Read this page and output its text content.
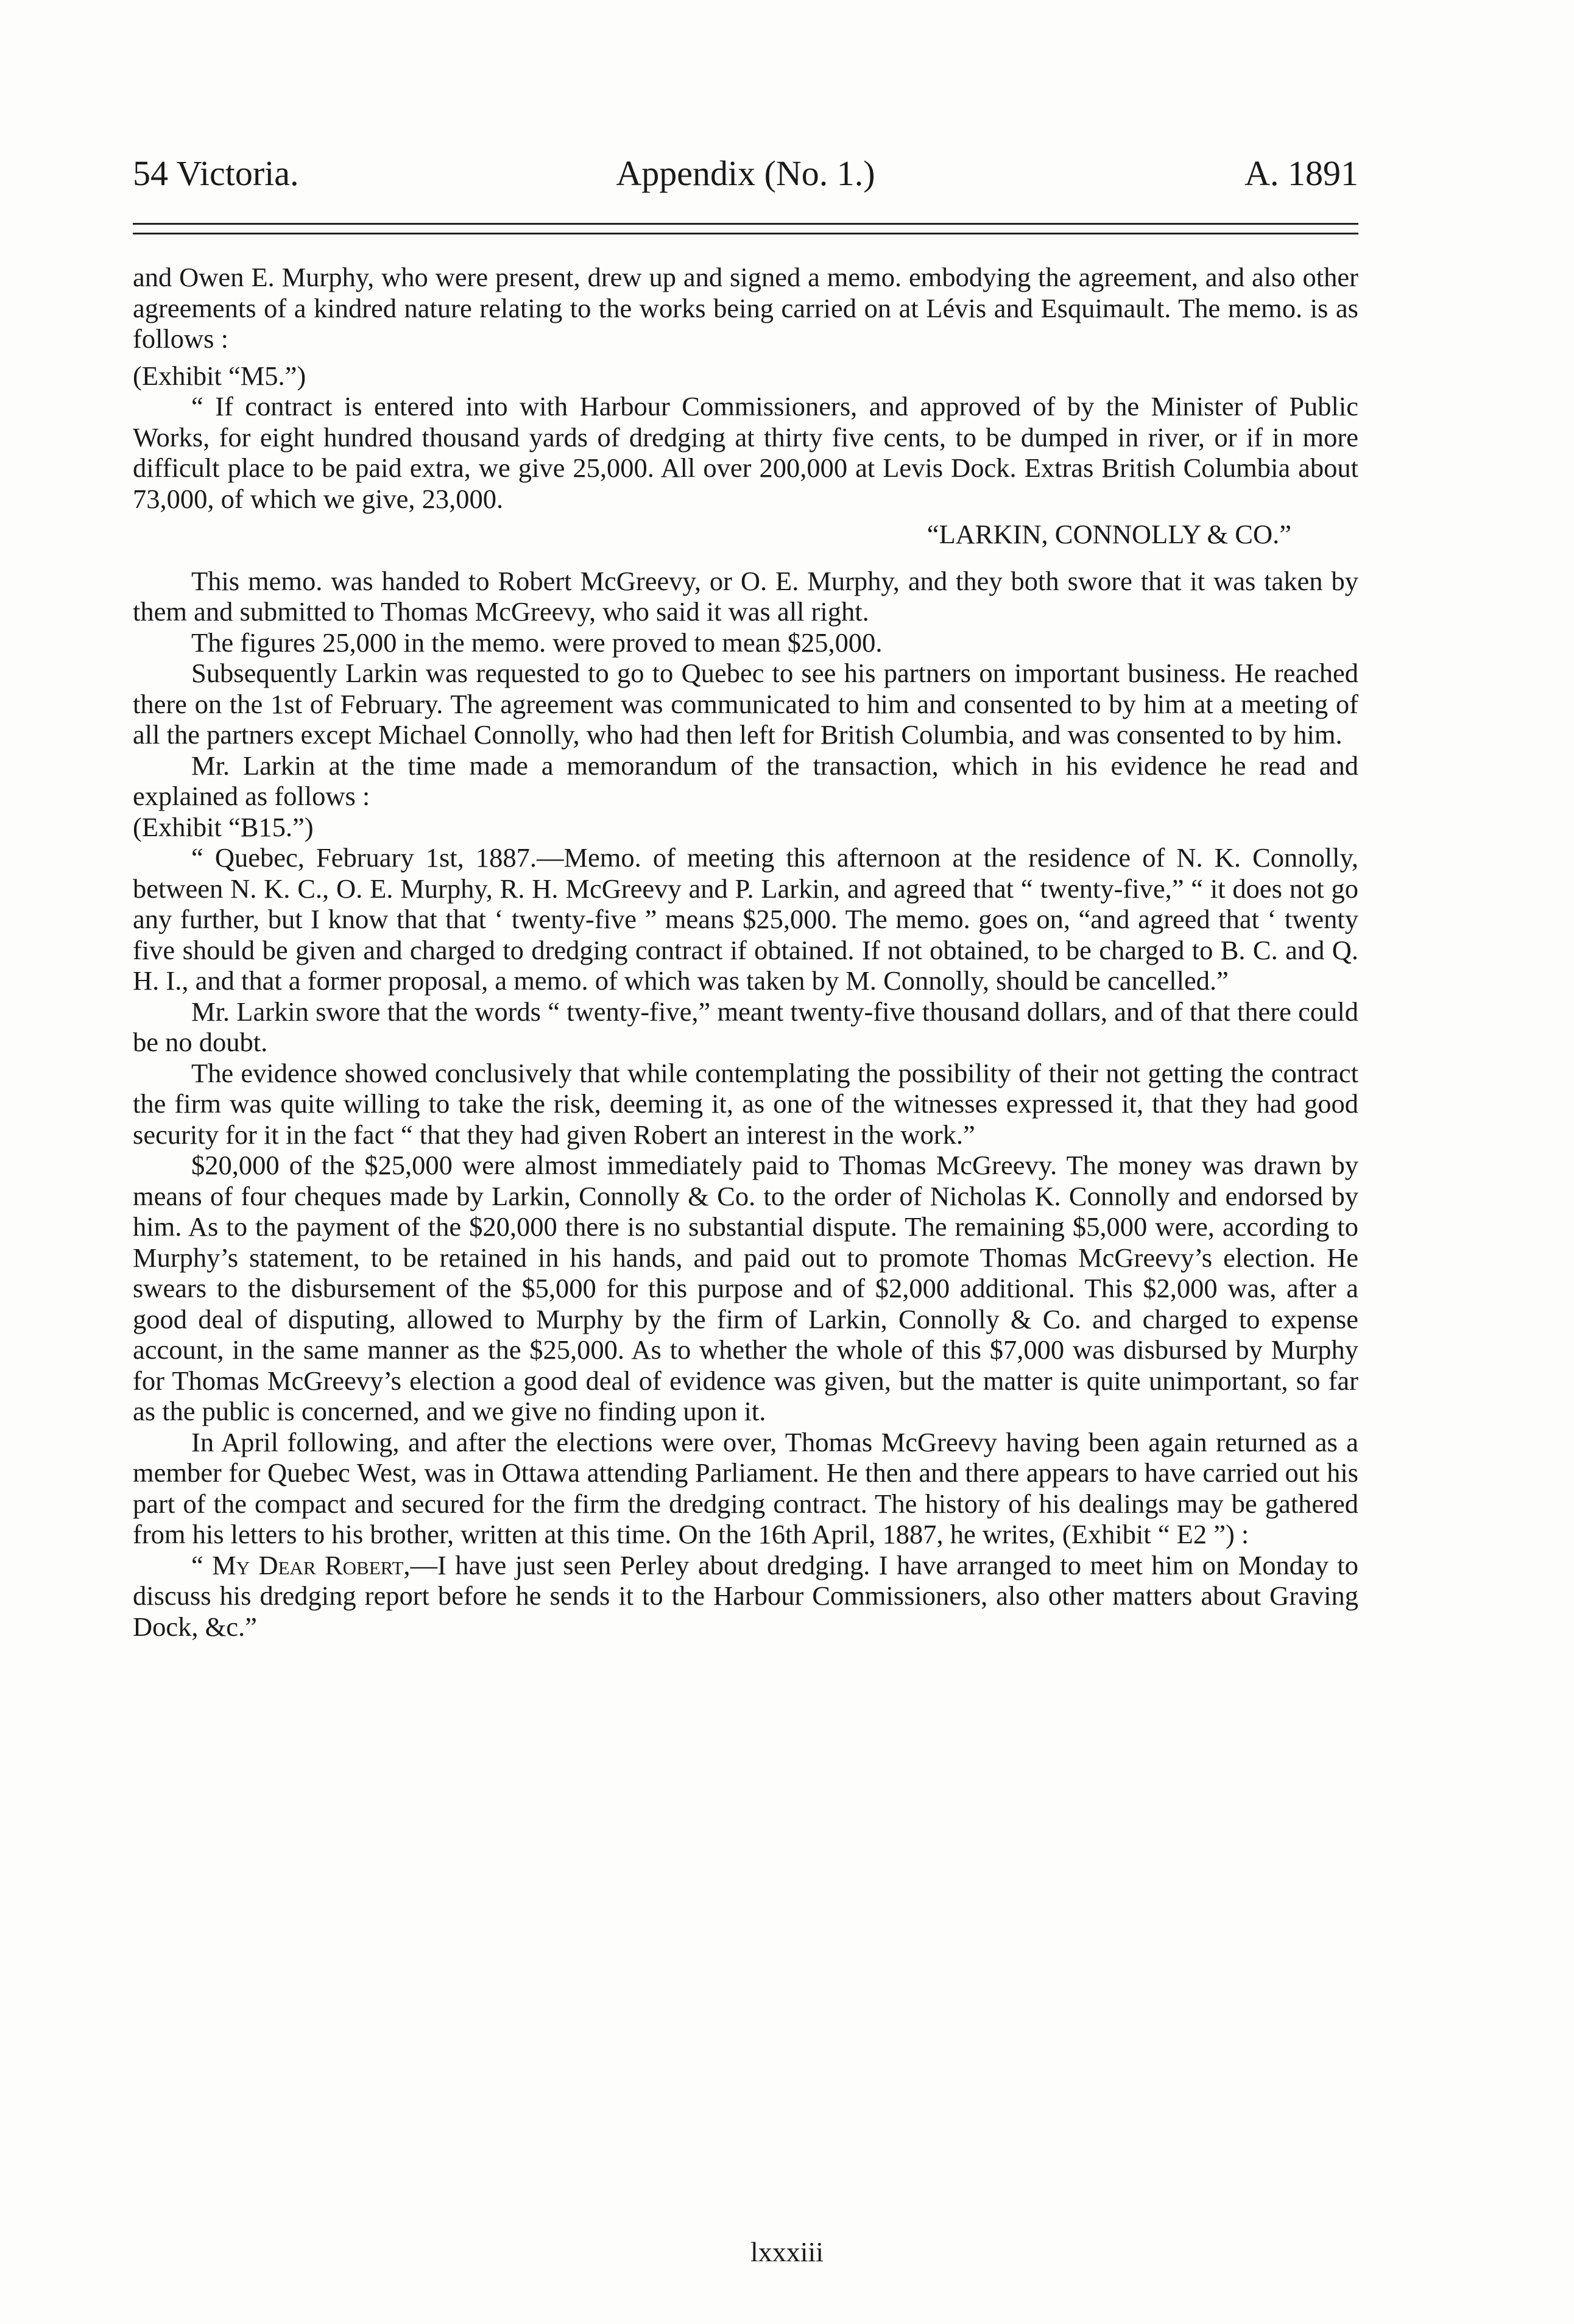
54 Victoria.	Appendix (No. 1.)	A. 1891

and Owen E. Murphy, who were present, drew up and signed a memo. embodying the agreement, and also other agreements of a kindred nature relating to the works being carried on at Lévis and Esquimault. The memo. is as follows :

(Exhibit “M5.”)

“ If contract is entered into with Harbour Commissioners, and approved of by the Minister of Public Works, for eight hundred thousand yards of dredging at thirty five cents, to be dumped in river, or if in more difficult place to be paid extra, we give 25,000. All over 200,000 at Levis Dock. Extras British Columbia about 73,000, of which we give, 23,000.

“LARKIN, CONNOLLY & CO.”

This memo. was handed to Robert McGreevy, or O. E. Murphy, and they both swore that it was taken by them and submitted to Thomas McGreevy, who said it was all right.

The figures 25,000 in the memo. were proved to mean $25,000.

Subsequently Larkin was requested to go to Quebec to see his partners on important business. He reached there on the 1st of February. The agreement was communicated to him and consented to by him at a meeting of all the partners except Michael Connolly, who had then left for British Columbia, and was consented to by him.

Mr. Larkin at the time made a memorandum of the transaction, which in his evidence he read and explained as follows :

(Exhibit “B15.”)

“ Quebec, February 1st, 1887.—Memo. of meeting this afternoon at the residence of N. K. Connolly, between N. K. C., O. E. Murphy, R. H. McGreevy and P. Larkin, and agreed that “ twenty-five,” “ it does not go any further, but I know that that ‘ twenty-five ” means $25,000. The memo. goes on, “and agreed that ‘ twenty five should be given and charged to dredging contract if obtained. If not obtained, to be charged to B. C. and Q. H. I., and that a former proposal, a memo. of which was taken by M. Connolly, should be cancelled.”

Mr. Larkin swore that the words “ twenty-five,” meant twenty-five thousand dollars, and of that there could be no doubt.

The evidence showed conclusively that while contemplating the possibility of their not getting the contract the firm was quite willing to take the risk, deeming it, as one of the witnesses expressed it, that they had good security for it in the fact “ that they had given Robert an interest in the work.”

$20,000 of the $25,000 were almost immediately paid to Thomas McGreevy. The money was drawn by means of four cheques made by Larkin, Connolly & Co. to the order of Nicholas K. Connolly and endorsed by him. As to the payment of the $20,000 there is no substantial dispute. The remaining $5,000 were, according to Murphy’s statement, to be retained in his hands, and paid out to promote Thomas McGreevy’s election. He swears to the disbursement of the $5,000 for this purpose and of $2,000 additional. This $2,000 was, after a good deal of disputing, allowed to Murphy by the firm of Larkin, Connolly & Co. and charged to expense account, in the same manner as the $25,000. As to whether the whole of this $7,000 was disbursed by Murphy for Thomas McGreevy’s election a good deal of evidence was given, but the matter is quite unimportant, so far as the public is concerned, and we give no finding upon it.

In April following, and after the elections were over, Thomas McGreevy having been again returned as a member for Quebec West, was in Ottawa attending Parliament. He then and there appears to have carried out his part of the compact and secured for the firm the dredging contract. The history of his dealings may be gathered from his letters to his brother, written at this time. On the 16th April, 1887, he writes, (Exhibit “ E2 ”) :

“ My Dear Robert,—I have just seen Perley about dredging. I have arranged to meet him on Monday to discuss his dredging report before he sends it to the Harbour Commissioners, also other matters about Graving Dock, &c.”

lxxxiii
